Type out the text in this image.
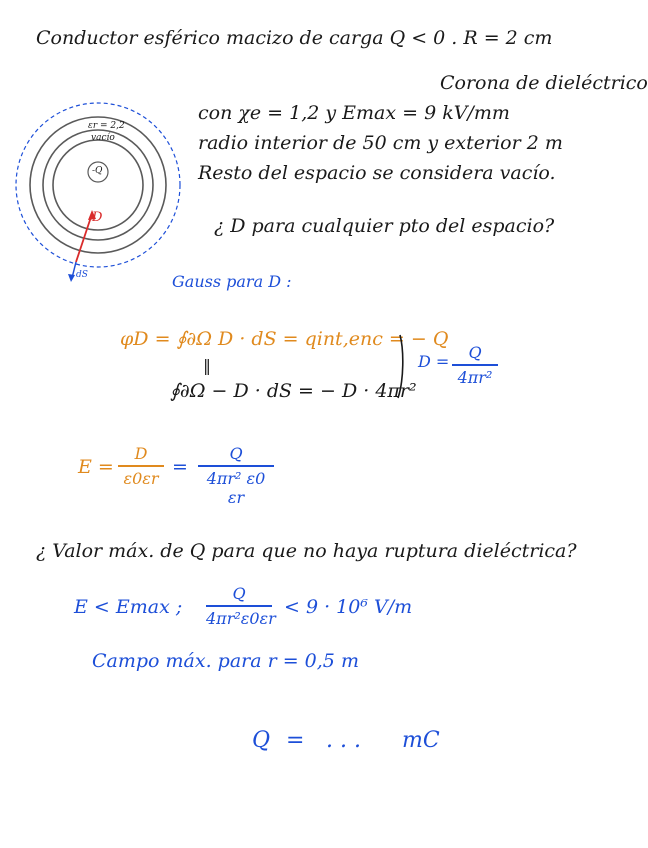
εr = 2,2
vacío
-Q
D
dS
Conductor esférico macizo de carga Q < 0 . R = 2 cm
Corona de dieléctrico
con χe = 1,2 y Emax = 9 kV/mm
radio interior de 50 cm y exterior 2 m
Resto del espacio se considera vacío.
¿ D para cualquier pto del espacio?
Gauss para D :
φD = ∮∂Ω D · dS = qint,enc = − Q
‖
∮∂Ω − D · dS = − D · 4πr²
D =	Q
4πr²
E =
D
ε0εr
=
Q
4πr² ε0 εr
¿ Valor máx. de Q para que no haya ruptura dieléctrica?
E < Emax ;
Q
4πr²ε0εr
< 9 · 10⁶ V/m
Campo máx. para r = 0,5 m
Q = . . . mC
